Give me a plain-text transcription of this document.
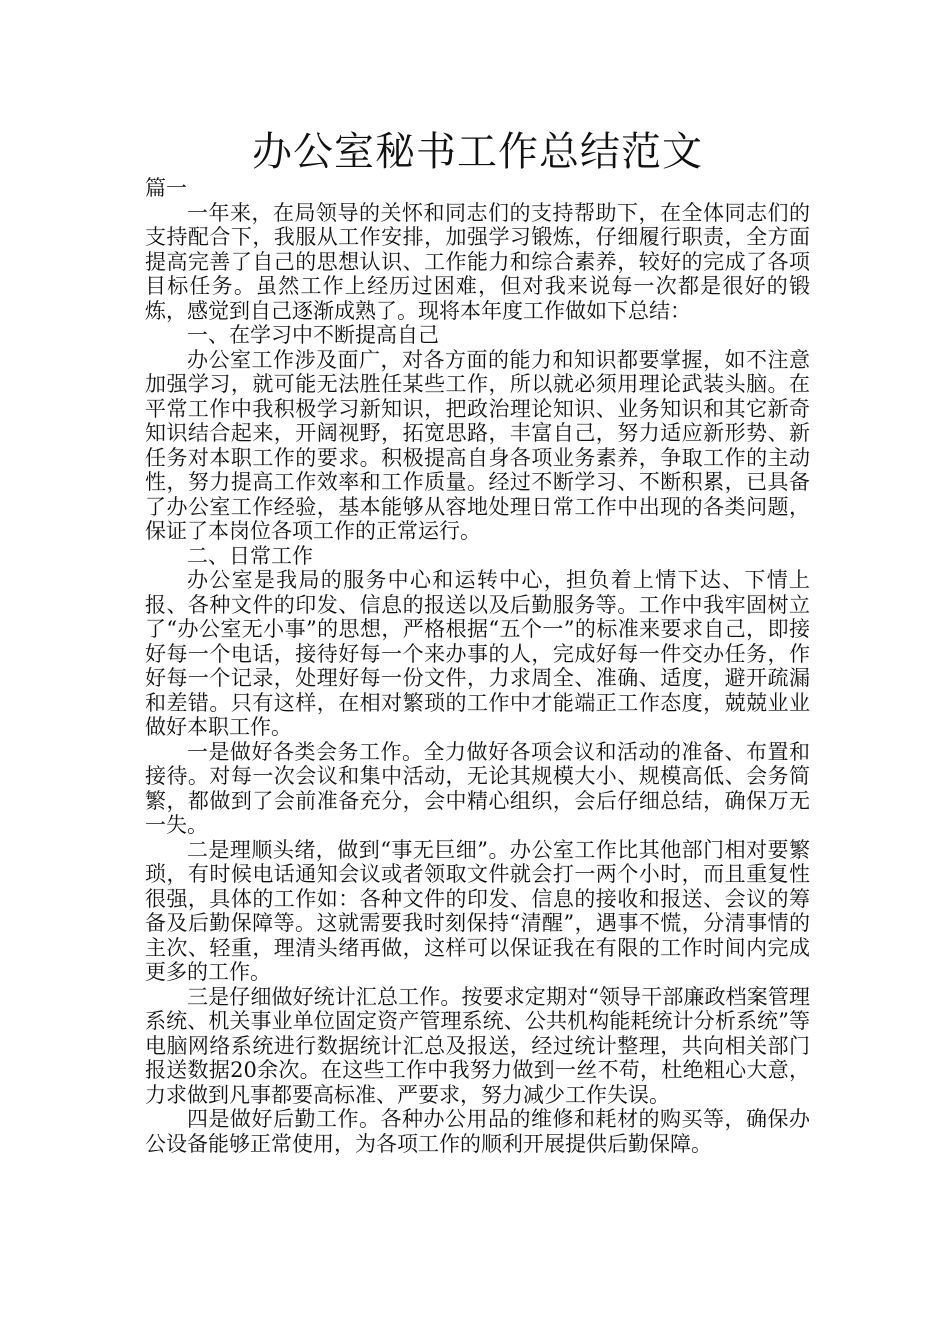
办公室秘书工作总结范文
篇一

一年来，在局领导的关怀和同志们的支持帮助下，在全体同志们的支持配合下，我服从工作安排，加强学习锻炼，仔细履行职责，全方面提高完善了自己的思想认识、工作能力和综合素养，较好的完成了各项目标任务。虽然工作上经历过困难，但对我来说每一次都是很好的锻炼，感觉到自己逐渐成熟了。现将本年度工作做如下总结：

一、在学习中不断提高自己

办公室工作涉及面广，对各方面的能力和知识都要掌握，如不注意加强学习，就可能无法胜任某些工作，所以就必须用理论武装头脑。在平常工作中我积极学习新知识，把政治理论知识、业务知识和其它新奇知识结合起来，开阔视野，拓宽思路，丰富自己，努力适应新形势、新任务对本职工作的要求。积极提高自身各项业务素养，争取工作的主动性，努力提高工作效率和工作质量。经过不断学习、不断积累，已具备了办公室工作经验，基本能够从容地处理日常工作中出现的各类问题，保证了本岗位各项工作的正常运行。

二、日常工作

办公室是我局的服务中心和运转中心，担负着上情下达、下情上报、各种文件的印发、信息的报送以及后勤服务等。工作中我牢固树立了“办公室无小事”的思想，严格根据“五个一”的标准来要求自己，即接好每一个电话，接待好每一个来办事的人，完成好每一件交办任务，作好每一个记录，处理好每一份文件，力求周全、准确、适度，避开疏漏和差错。只有这样，在相对繁琐的工作中才能端正工作态度，兢兢业业做好本职工作。

一是做好各类会务工作。全力做好各项会议和活动的准备、布置和接待。对每一次会议和集中活动，无论其规模大小、规模高低、会务简繁，都做到了会前准备充分，会中精心组织，会后仔细总结，确保万无一失。

二是理顺头绪，做到“事无巨细”。办公室工作比其他部门相对要繁琐，有时候电话通知会议或者领取文件就会打一两个小时，而且重复性很强，具体的工作如：各种文件的印发、信息的接收和报送、会议的筹备及后勤保障等。这就需要我时刻保持“清醒”，遇事不慌，分清事情的主次、轻重，理清头绪再做，这样可以保证我在有限的工作时间内完成更多的工作。

三是仔细做好统计汇总工作。按要求定期对“领导干部廉政档案管理系统、机关事业单位固定资产管理系统、公共机构能耗统计分析系统”等电脑网络系统进行数据统计汇总及报送，经过统计整理，共向相关部门报送数据20余次。在这些工作中我努力做到一丝不苟，杜绝粗心大意，力求做到凡事都要高标准、严要求，努力减少工作失误。

四是做好后勤工作。各种办公用品的维修和耗材的购买等，确保办公设备能够正常使用，为各项工作的顺利开展提供后勤保障。
